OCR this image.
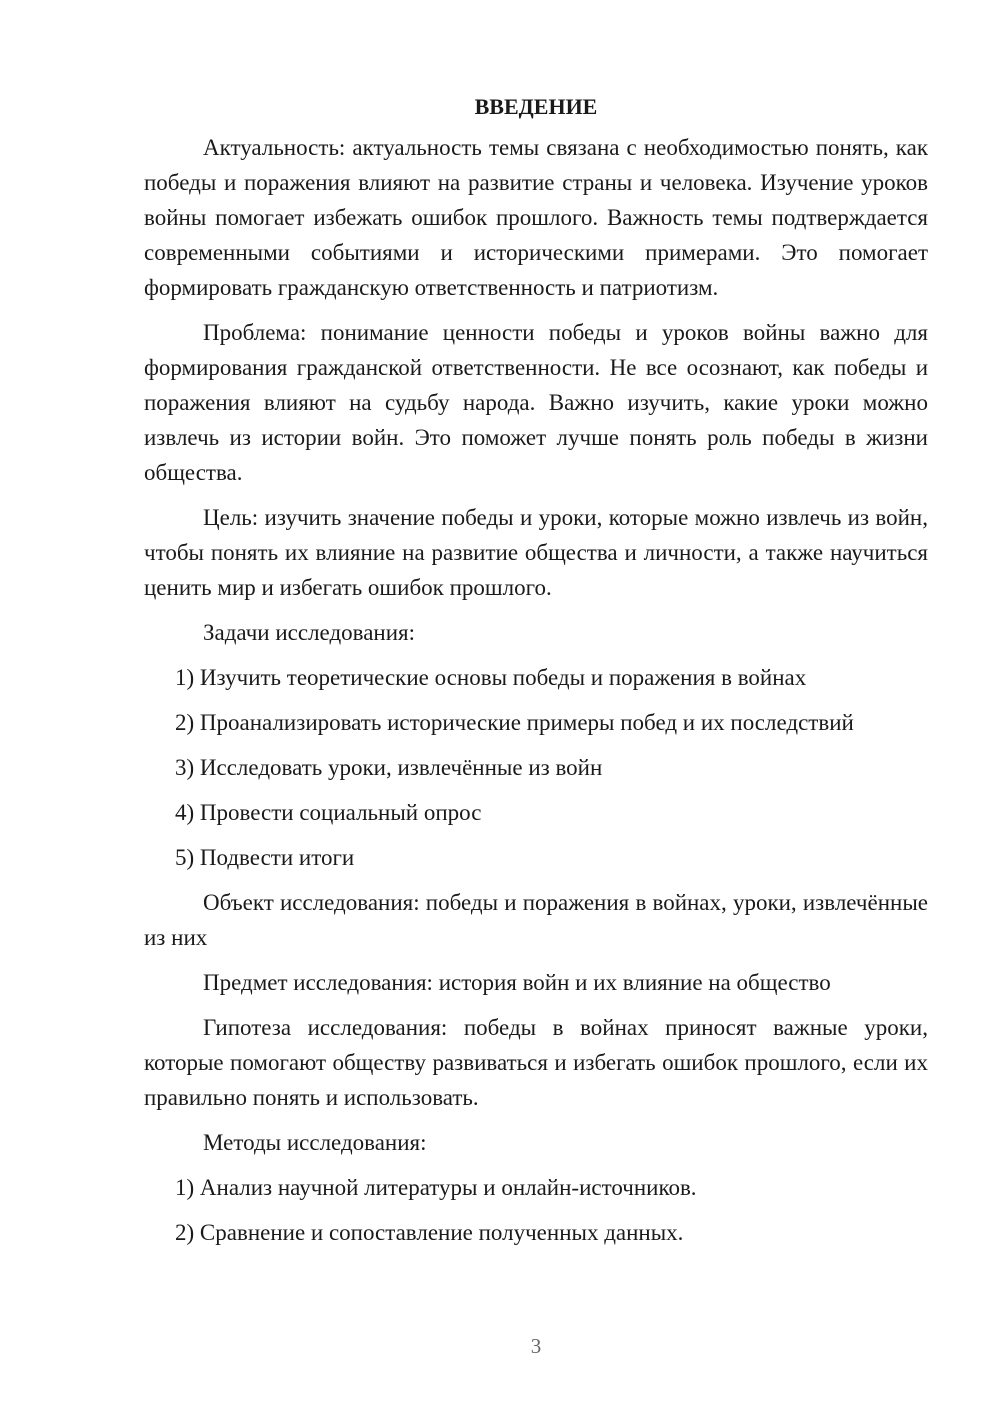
ВВЕДЕНИЕ

Актуальность: актуальность темы связана с необходимостью понять, как победы и поражения влияют на развитие страны и человека. Изучение уроков войны помогает избежать ошибок прошлого. Важность темы подтверждается современными событиями и историческими примерами. Это помогает формировать гражданскую ответственность и патриотизм.

Проблема: понимание ценности победы и уроков войны важно для формирования гражданской ответственности. Не все осознают, как победы и поражения влияют на судьбу народа. Важно изучить, какие уроки можно извлечь из истории войн. Это поможет лучше понять роль победы в жизни общества.

Цель: изучить значение победы и уроки, которые можно извлечь из войн, чтобы понять их влияние на развитие общества и личности, а также научиться ценить мир и избегать ошибок прошлого.

Задачи исследования:

1) Изучить теоретические основы победы и поражения в войнах
2) Проанализировать исторические примеры побед и их последствий
3) Исследовать уроки, извлечённые из войн
4) Провести социальный опрос
5) Подвести итоги

Объект исследования: победы и поражения в войнах, уроки, извлечённые из них

Предмет исследования: история войн и их влияние на общество

Гипотеза исследования: победы в войнах приносят важные уроки, которые помогают обществу развиваться и избегать ошибок прошлого, если их правильно понять и использовать.

Методы исследования:

1) Анализ научной литературы и онлайн-источников.
2) Сравнение и сопоставление полученных данных.
3
